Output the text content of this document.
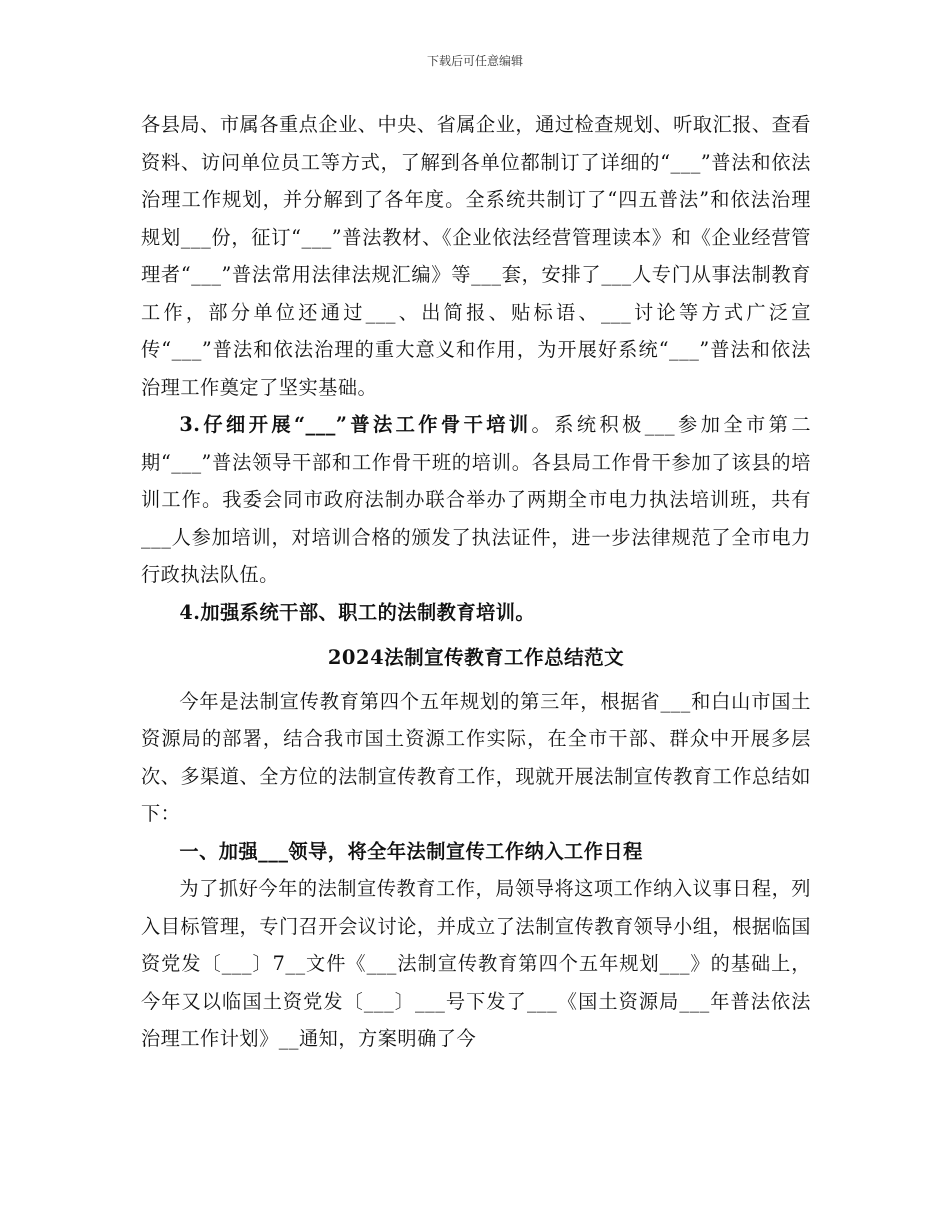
下载后可任意编辑

各县局、市属各重点企业、中央、省属企业，通过检查规划、听取汇报、查看资料、访问单位员工等方式，了解到各单位都制订了详细的“___”普法和依法治理工作规划，并分解到了各年度。全系统共制订了“四五普法”和依法治理规划___份，征订“___”普法教材、《企业依法经营管理读本》和《企业经营管理者“___”普法常用法律法规汇编》等___套，安排了___人专门从事法制教育工作，部分单位还通过___、出简报、贴标语、___讨论等方式广泛宣传“___”普法和依法治理的重大意义和作用，为开展好系统“___”普法和依法治理工作奠定了坚实基础。

3.仔细开展“___”普法工作骨干培训。系统积极___参加全市第二期“___”普法领导干部和工作骨干班的培训。各县局工作骨干参加了该县的培训工作。我委会同市政府法制办联合举办了两期全市电力执法培训班，共有___人参加培训，对培训合格的颁发了执法证件，进一步法律规范了全市电力行政执法队伍。

4.加强系统干部、职工的法制教育培训。

2024法制宣传教育工作总结范文

今年是法制宣传教育第四个五年规划的第三年，根据省___和白山市国土资源局的部署，结合我市国土资源工作实际，在全市干部、群众中开展多层次、多渠道、全方位的法制宣传教育工作，现就开展法制宣传教育工作总结如下：

一、加强___领导，将全年法制宣传工作纳入工作日程

为了抓好今年的法制宣传教育工作，局领导将这项工作纳入议事日程，列入目标管理，专门召开会议讨论，并成立了法制宣传教育领导小组，根据临国资党发〔___〕7__文件《___法制宣传教育第四个五年规划___》的基础上，今年又以临国土资党发〔___〕___号下发了___《国土资源局___年普法依法治理工作计划》__通知，方案明确了今
